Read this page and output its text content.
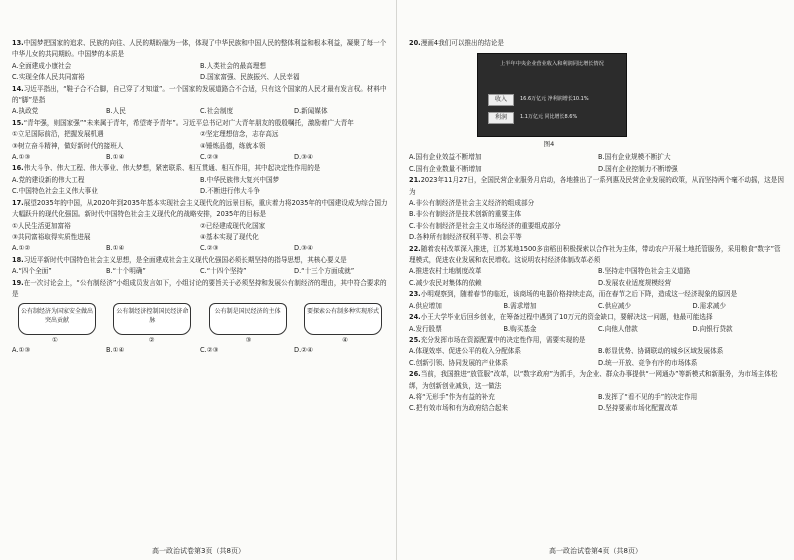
13.中国梦把国家的追求、民族的向往、人民的期盼融为一体，体现了中华民族和中国人民的整体利益和根本利益，凝聚了每一个中华儿女的共同期盼。中国梦的本质是

A.全面建成小康社会	B.人类社会的最高理想
C.实现全体人民共同富裕	D.国家富强、民族振兴、人民幸福

14.习近平指出，“鞋子合不合脚，自己穿了才知道”。一个国家的发展道路合不合适，只有这个国家的人民才最有发言权。材料中的“脚”是指

A.执政党	B.人民	C.社会制度	D.新闻媒体

15.“青年强，则国家强”“未来属于青年，希望寄予青年”。习近平总书记对广大青年朋友的殷殷嘱托，激励着广大青年

①立足国际前沿，把握发展机遇	②坚定理想信念，志存高远
③树立奋斗精神，做好新时代的接班人	④锤炼品德，练就本领
A.①③	B.①④	C.②③	D.③④

16.伟大斗争、伟大工程、伟大事业、伟大梦想，紧密联系、相互贯通、相互作用，其中起决定性作用的是

A.党的建设新的伟大工程	B.中华民族伟大复兴中国梦
C.中国特色社会主义伟大事业	D.不断进行伟大斗争

17.展望2035年的中国，从2020年到2035年基本实现社会主义现代化的远景目标，重庆着力将2035年的中国建设成为综合国力大幅跃升的现代化强国。新时代中国特色社会主义现代化的战略安排，2035年的目标是

①人民生活更加富裕	②已经建成现代化国家
③共同富裕取得实质性进展	④基本实现了现代化
A.①②	B.①④	C.②③	D.③④

18.习近平新时代中国特色社会主义思想，是全面建成社会主义现代化强国必须长期坚持的指导思想，其核心要义是

A.“四个全面”	B.“十个明确”	C.“十四个坚持”	D.“十三个方面成就”

19.在一次讨论会上，“公有制经济”小组成员发言如下，小组讨论的要旨关于必须坚持和发展公有制经济的理由，其中符合要求的是

公有制经济为国家安全做出突出贡献
公有制经济控制国民经济命脉
公有制是国民经济的主体	要探索公有制多种实现形式
①	②	③	④
A.①③	B.①④	C.②③	D.②④
高一政治试卷第3页（共8页）

20.漫画4我们可以推出的结论是

上半年中央企业营业收入和利润同比增长情况
收入
利润
16.6万亿元 净利润增长10.1%
1.1万亿元 同比增长8.6%
图4
A.国有企业效益不断增加	B.国有企业规模不断扩大
C.国有企业数量不断增加	D.国有企业控制力不断增强

21.2023年11月27日，全国民营企业服务月启动，各地推出了一系列惠及民营企业发展的政策，从而坚持两个毫不动摇，这是因为

A.非公有制经济是社会主义经济的组成部分
B.非公有制经济是技术创新的重要主体
C.非公有制经济是社会主义市场经济的重要组成部分
D.各种所有制经济权利平等、机会平等

22.随着农村改革深入推进，江苏某地1500多亩稻田积极探索以合作社为主体，带动农户开展土地托管服务，采用粮食“数字”管理模式，促进农业发展和农民增收。这说明农村经济体制改革必须

A.推进农村土地制度改革	B.坚持走中国特色社会主义道路
C.减少农民对集体的依赖	D.发展农业适度规模经营

23.小明观察到，随着春节的临近，该商场的电器价格持续走高，而在春节之后下降，造成这一经济现象的原因是

A.供应增加	B.需求增加	C.供应减少	D.需求减少

24.小王大学毕业后回乡创业，在筹备过程中遇到了10万元的资金缺口，要解决这一问题，他最可能选择

A.发行股票	B.购买基金	C.向他人借款	D.向银行贷款

25.充分发挥市场在资源配置中的决定性作用，需要实现的是

A.体现效率、促进公平的收入分配体系	B.彰显优势、协调联动的城乡区域发展体系
C.创新引领、协同发展的产业体系	D.统一开放、竞争有序的市场体系

26.当前，我国推进“放管服”改革，以“数字政府”为抓手，为企业、群众办事提供“一网通办”等新模式和新服务，为市场主体松绑，为创新创业减负，这一做法

A.将“无形手”作为有益的补充	B.发挥了“看不见的手”的决定作用
C.把有效市场和有为政府结合起来	D.坚持要素市场化配置改革
高一政治试卷第4页（共8页）
